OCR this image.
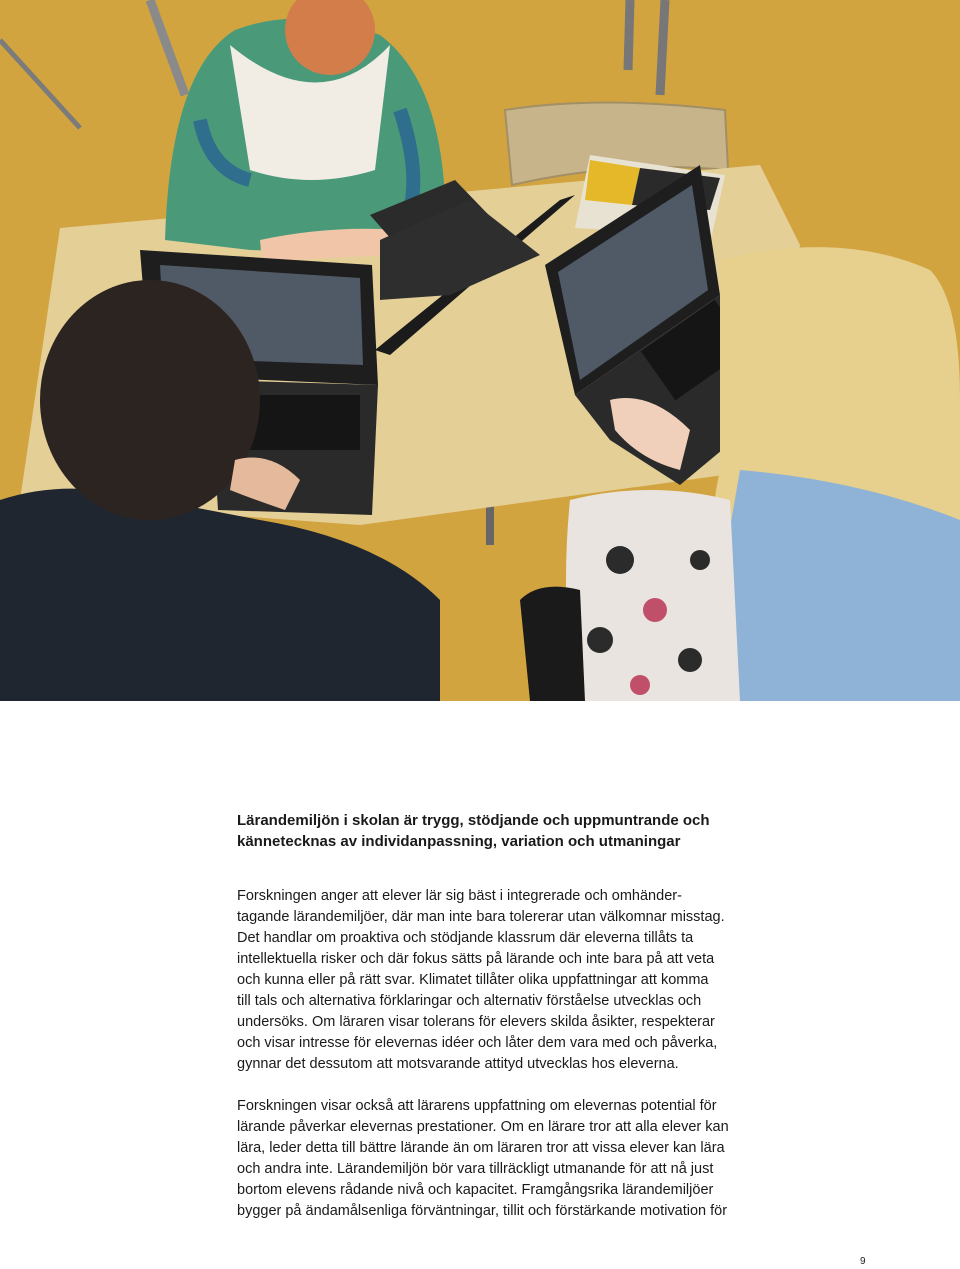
Lärandemiljön i skolan är trygg, stödjande och uppmuntrande och
kännetecknas av individanpassning, variation och utmaningar

Forskningen anger att elever lär sig bäst i integrerade och omhänder-
tagande lärandemiljöer, där man inte bara tolererar utan välkomnar misstag.
Det handlar om proaktiva och stödjande klassrum där eleverna tillåts ta
intellektuella risker och där fokus sätts på lärande och inte bara på att veta
och kunna eller på rätt svar. Klimatet tillåter olika uppfattningar att komma
till tals och alternativa förklaringar och alternativ förståelse utvecklas och
undersöks. Om läraren visar tolerans för elevers skilda åsikter, respekterar
och visar intresse för elevernas idéer och låter dem vara med och påverka,
gynnar det dessutom att motsvarande attityd utvecklas hos eleverna.

Forskningen visar också att lärarens uppfattning om elevernas potential för
lärande påverkar elevernas prestationer. Om en lärare tror att alla elever kan
lära, leder detta till bättre lärande än om läraren tror att vissa elever kan lära
och andra inte. Lärandemiljön bör vara tillräckligt utmanande för att nå just
bortom elevens rådande nivå och kapacitet. Framgångsrika lärandemiljöer
bygger på ändamålsenliga förväntningar, tillit och förstärkande motivation för

9
